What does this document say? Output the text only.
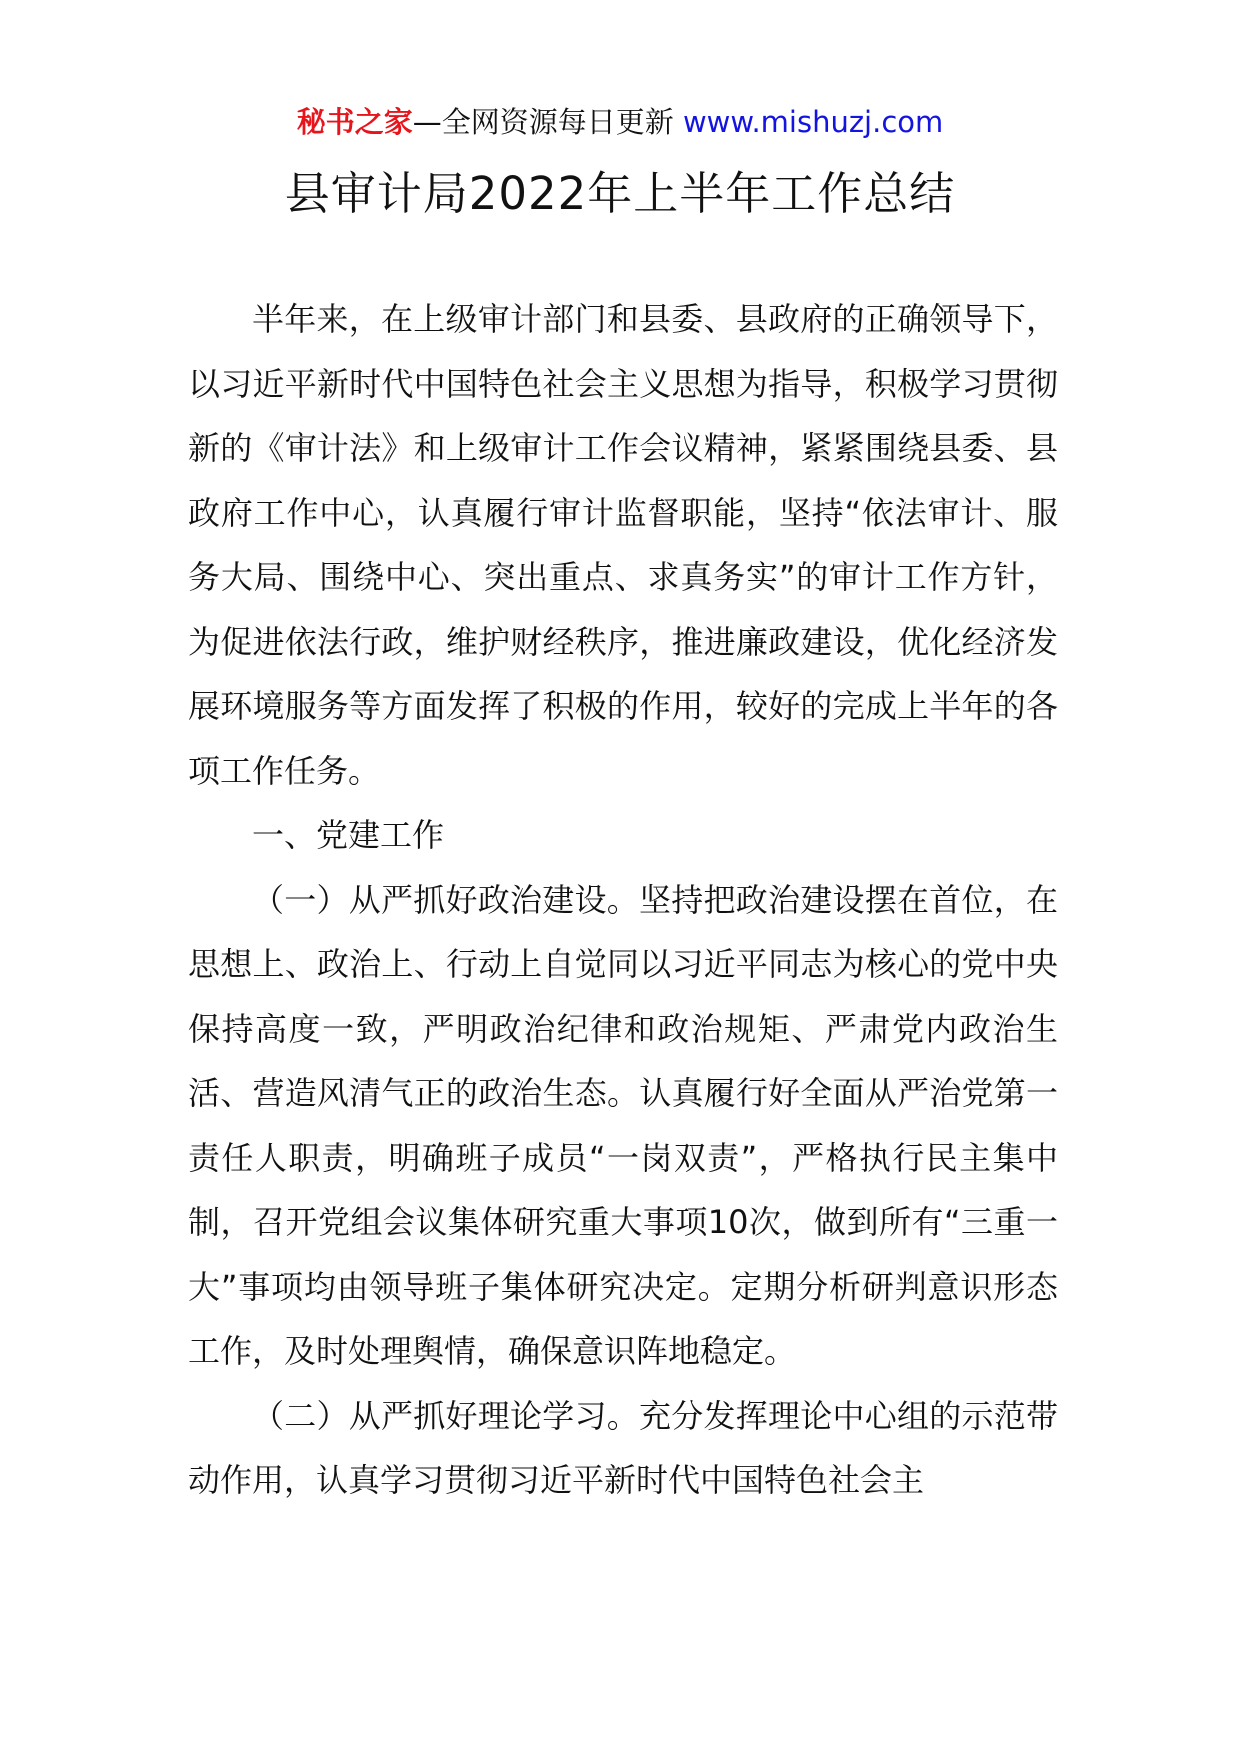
秘书之家—全网资源每日更新 www.mishuzj.com
县审计局2022年上半年工作总结

半年来，在上级审计部门和县委、县政府的正确领导下，以习近平新时代中国特色社会主义思想为指导，积极学习贯彻新的《审计法》和上级审计工作会议精神，紧紧围绕县委、县政府工作中心，认真履行审计监督职能，坚持“依法审计、服务大局、围绕中心、突出重点、求真务实”的审计工作方针，为促进依法行政，维护财经秩序，推进廉政建设，优化经济发展环境服务等方面发挥了积极的作用，较好的完成上半年的各项工作任务。

一、党建工作

（一）从严抓好政治建设。坚持把政治建设摆在首位，在思想上、政治上、行动上自觉同以习近平同志为核心的党中央保持高度一致，严明政治纪律和政治规矩、严肃党内政治生活、营造风清气正的政治生态。认真履行好全面从严治党第一责任人职责，明确班子成员“一岗双责”，严格执行民主集中制，召开党组会议集体研究重大事项10次，做到所有“三重一大”事项均由领导班子集体研究决定。定期分析研判意识形态工作，及时处理舆情，确保意识阵地稳定。

（二）从严抓好理论学习。充分发挥理论中心组的示范带动作用，认真学习贯彻习近平新时代中国特色社会主
